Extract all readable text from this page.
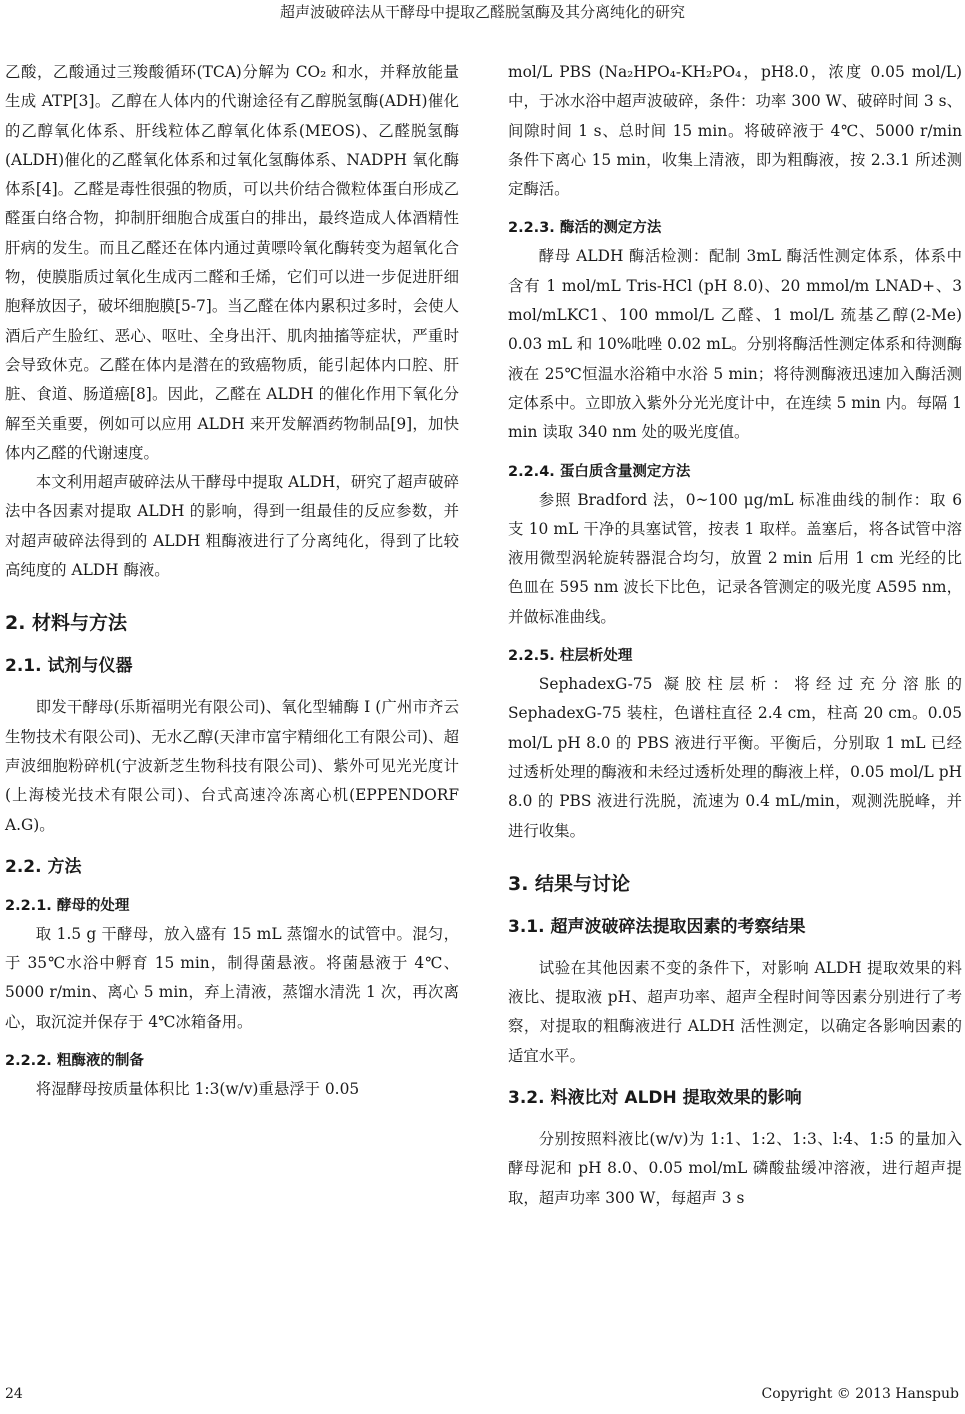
超声波破碎法从干酵母中提取乙醛脱氢酶及其分离纯化的研究

乙酸，乙酸通过三羧酸循环(TCA)分解为 CO₂ 和水，并释放能量生成 ATP[3]。乙醇在人体内的代谢途径有乙醇脱氢酶(ADH)催化的乙醇氧化体系、肝线粒体乙醇氧化体系(MEOS)、乙醛脱氢酶(ALDH)催化的乙醛氧化体系和过氧化氢酶体系、NADPH 氧化酶体系[4]。乙醛是毒性很强的物质，可以共价结合微粒体蛋白形成乙醛蛋白络合物，抑制肝细胞合成蛋白的排出，最终造成人体酒精性肝病的发生。而且乙醛还在体内通过黄嘌呤氧化酶转变为超氧化合物，使膜脂质过氧化生成丙二醛和壬烯，它们可以进一步促进肝细胞释放因子，破坏细胞膜[5-7]。当乙醛在体内累积过多时，会使人酒后产生脸红、恶心、呕吐、全身出汗、肌肉抽搐等症状，严重时会导致休克。乙醛在体内是潜在的致癌物质，能引起体内口腔、肝脏、食道、肠道癌[8]。因此，乙醛在 ALDH 的催化作用下氧化分解至关重要，例如可以应用 ALDH 来开发解酒药物制品[9]，加快体内乙醛的代谢速度。

本文利用超声破碎法从干酵母中提取 ALDH，研究了超声破碎法中各因素对提取 ALDH 的影响，得到一组最佳的反应参数，并对超声破碎法得到的 ALDH 粗酶液进行了分离纯化，得到了比较高纯度的 ALDH 酶液。

2. 材料与方法

2.1. 试剂与仪器

即发干酵母(乐斯福明光有限公司)、氧化型辅酶 I (广州市齐云生物技术有限公司)、无水乙醇(天津市富宇精细化工有限公司)、超声波细胞粉碎机(宁波新芝生物科技有限公司)、紫外可见光光度计(上海棱光技术有限公司)、台式高速冷冻离心机(EPPENDORF A.G)。

2.2. 方法

2.2.1. 酵母的处理

取 1.5 g 干酵母，放入盛有 15 mL 蒸馏水的试管中。混匀，于 35℃水浴中孵育 15 min，制得菌悬液。将菌悬液于 4℃、5000 r/min、离心 5 min，弃上清液，蒸馏水清洗 1 次，再次离心，取沉淀并保存于 4℃冰箱备用。

2.2.2. 粗酶液的制备

将湿酵母按质量体积比 1:3(w/v)重悬浮于 0.05

mol/L PBS (Na₂HPO₄-KH₂PO₄，pH8.0，浓度 0.05 mol/L)中，于冰水浴中超声波破碎，条件：功率 300 W、破碎时间 3 s、间隙时间 1 s、总时间 15 min。将破碎液于 4℃、5000 r/min 条件下离心 15 min，收集上清液，即为粗酶液，按 2.3.1 所述测定酶活。

2.2.3. 酶活的测定方法

酵母 ALDH 酶活检测：配制 3mL 酶活性测定体系，体系中含有 1 mol/mL Tris-HCl (pH 8.0)、20 mmol/m LNAD+、3 mol/mLKC1、100 mmol/L 乙醛、1 mol/L 巯基乙醇(2-Me) 0.03 mL 和 10%吡唑 0.02 mL。分别将酶活性测定体系和待测酶液在 25℃恒温水浴箱中水浴 5 min；将待测酶液迅速加入酶活测定体系中。立即放入紫外分光光度计中，在连续 5 min 内。每隔 1 min 读取 340 nm 处的吸光度值。

2.2.4. 蛋白质含量测定方法

参照 Bradford 法，0~100 μg/mL 标准曲线的制作：取 6 支 10 mL 干净的具塞试管，按表 1 取样。盖塞后，将各试管中溶液用微型涡轮旋转器混合均匀，放置 2 min 后用 1 cm 光经的比色皿在 595 nm 波长下比色，记录各管测定的吸光度 A595 nm，并做标准曲线。

2.2.5. 柱层析处理

SephadexG-75 凝胶柱层析：将经过充分溶胀的 SephadexG-75 装柱，色谱柱直径 2.4 cm，柱高 20 cm。0.05 mol/L pH 8.0 的 PBS 液进行平衡。平衡后，分别取 1 mL 已经过透析处理的酶液和未经过透析处理的酶液上样，0.05 mol/L pH 8.0 的 PBS 液进行洗脱，流速为 0.4 mL/min，观测洗脱峰，并进行收集。

3. 结果与讨论

3.1. 超声波破碎法提取因素的考察结果

试验在其他因素不变的条件下，对影响 ALDH 提取效果的料液比、提取液 pH、超声功率、超声全程时间等因素分别进行了考察，对提取的粗酶液进行 ALDH 活性测定，以确定各影响因素的适宜水平。

3.2. 料液比对 ALDH 提取效果的影响

分别按照料液比(w/v)为 1:1、1:2、1:3、l:4、1:5 的量加入酵母泥和 pH 8.0、0.05 mol/mL 磷酸盐缓冲溶液，进行超声提取，超声功率 300 W，每超声 3 s

24	Copyright © 2013 Hanspub
